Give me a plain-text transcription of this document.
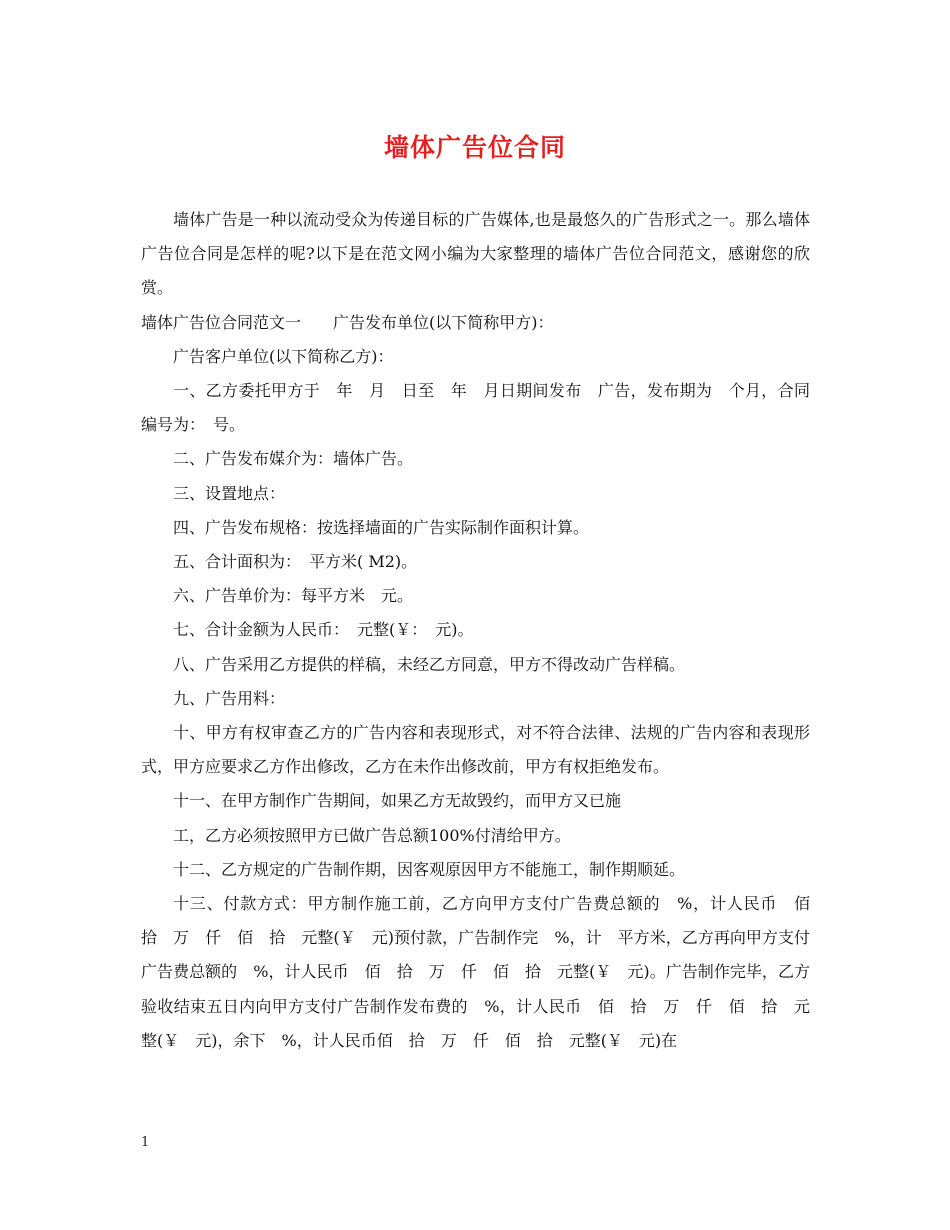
墙体广告位合同

墙体广告是一种以流动受众为传递目标的广告媒体,也是最悠久的广告形式之一。那么墙体广告位合同是怎样的呢?以下是在范文网小编为大家整理的墙体广告位合同范文，感谢您的欣赏。

墙体广告位合同范文一　　广告发布单位(以下简称甲方)：

广告客户单位(以下简称乙方)：

一、乙方委托甲方于　年　月　日至　年　月日期间发布　广告，发布期为　个月，合同编号为：　号。

二、广告发布媒介为：墙体广告。

三、设置地点：

四、广告发布规格：按选择墙面的广告实际制作面积计算。

五、合计面积为：　平方米( M2)。

六、广告单价为：每平方米　元。

七、合计金额为人民币：　元整(￥：　元)。

八、广告采用乙方提供的样稿，未经乙方同意，甲方不得改动广告样稿。

九、广告用料：

十、甲方有权审查乙方的广告内容和表现形式，对不符合法律、法规的广告内容和表现形式，甲方应要求乙方作出修改，乙方在未作出修改前，甲方有权拒绝发布。

十一、在甲方制作广告期间，如果乙方无故毁约，而甲方又已施

工，乙方必须按照甲方已做广告总额100%付清给甲方。

十二、乙方规定的广告制作期，因客观原因甲方不能施工，制作期顺延。

十三、付款方式：甲方制作施工前，乙方向甲方支付广告费总额的　%，计人民币　佰　拾　万　仟　佰　拾　元整(￥　元)预付款，广告制作完　%，计　平方米，乙方再向甲方支付广告费总额的　%，计人民币　佰　拾　万　仟　佰　拾　元整(￥　元)。广告制作完毕，乙方验收结束五日内向甲方支付广告制作发布费的　%，计人民币　佰　拾　万　仟　佰　拾　元整(￥　元)，余下　%，计人民币佰　拾　万　仟　佰　拾　元整(￥　元)在

1
